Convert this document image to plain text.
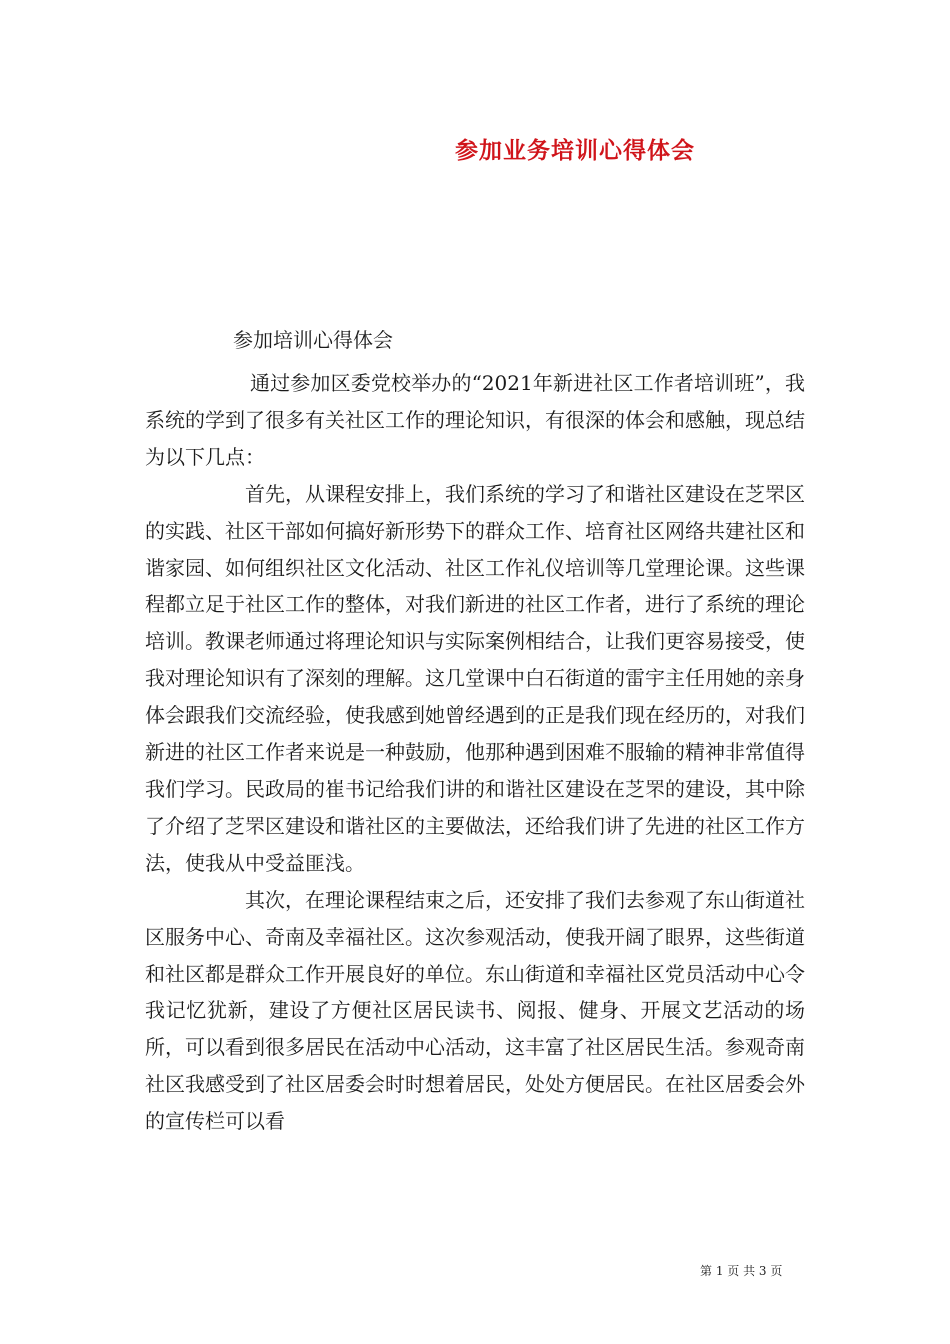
参加业务培训心得体会
参加培训心得体会

通过参加区委党校举办的“2021年新进社区工作者培训班”，我系统的学到了很多有关社区工作的理论知识，有很深的体会和感触，现总结为以下几点：

首先，从课程安排上，我们系统的学习了和谐社区建设在芝罘区的实践、社区干部如何搞好新形势下的群众工作、培育社区网络共建社区和谐家园、如何组织社区文化活动、社区工作礼仪培训等几堂理论课。这些课程都立足于社区工作的整体，对我们新进的社区工作者，进行了系统的理论培训。教课老师通过将理论知识与实际案例相结合，让我们更容易接受，使我对理论知识有了深刻的理解。这几堂课中白石街道的雷宇主任用她的亲身体会跟我们交流经验，使我感到她曾经遇到的正是我们现在经历的，对我们新进的社区工作者来说是一种鼓励，他那种遇到困难不服输的精神非常值得我们学习。民政局的崔书记给我们讲的和谐社区建设在芝罘的建设，其中除了介绍了芝罘区建设和谐社区的主要做法，还给我们讲了先进的社区工作方法，使我从中受益匪浅。

其次，在理论课程结束之后，还安排了我们去参观了东山街道社区服务中心、奇南及幸福社区。这次参观活动，使我开阔了眼界，这些街道和社区都是群众工作开展良好的单位。东山街道和幸福社区党员活动中心令我记忆犹新，建设了方便社区居民读书、阅报、健身、开展文艺活动的场所，可以看到很多居民在活动中心活动，这丰富了社区居民生活。参观奇南社区我感受到了社区居委会时时想着居民，处处方便居民。在社区居委会外的宣传栏可以看

第 1 页 共 3 页
